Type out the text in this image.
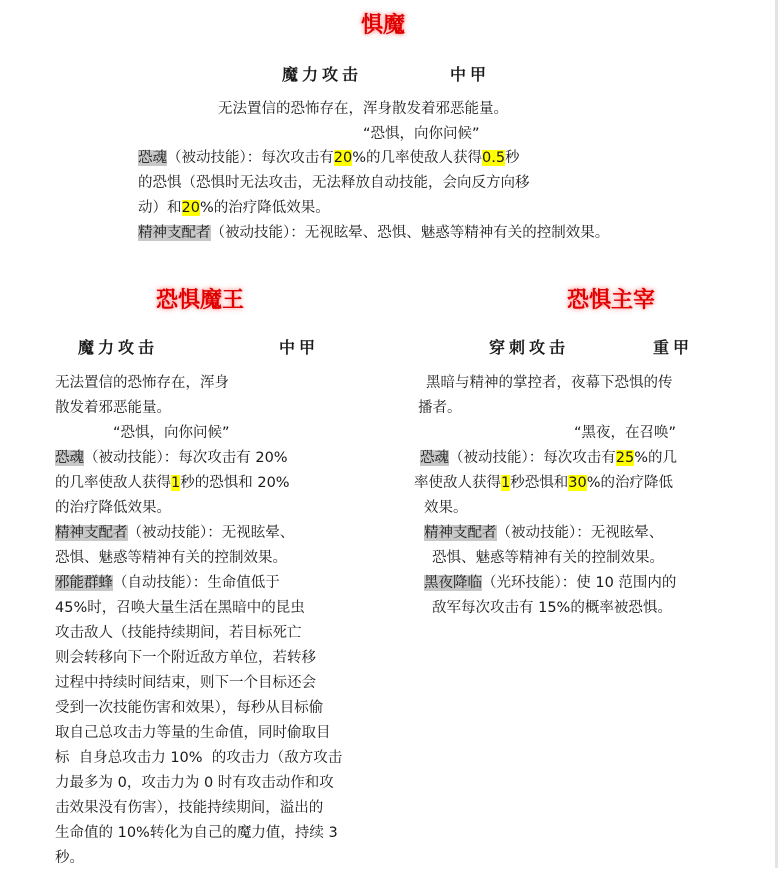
惧魔
魔力攻击	中甲
无法置信的恐怖存在，浑身散发着邪恶能量。
“恐惧，向你问候”
恐魂（被动技能）：每次攻击有20%的几率使敌人获得0.5秒
的恐惧（恐惧时无法攻击，无法释放自动技能，会向反方向移
动）和20%的治疗降低效果。
精神支配者（被动技能）：无视眩晕、恐惧、魅惑等精神有关的控制效果。
恐惧魔王
魔力攻击	中甲
无法置信的恐怖存在，浑身
散发着邪恶能量。
“恐惧，向你问候”
恐魂（被动技能）：每次攻击有 20%
的几率使敌人获得1秒的恐惧和 20%
的治疗降低效果。
精神支配者（被动技能）：无视眩晕、
恐惧、魅惑等精神有关的控制效果。
邪能群蜂（自动技能）：生命值低于
45%时，召唤大量生活在黑暗中的昆虫
攻击敌人（技能持续期间，若目标死亡
则会转移向下一个附近敌方单位，若转移
过程中持续时间结束，则下一个目标还会
受到一次技能伤害和效果），每秒从目标偷
取自己总攻击力等量的生命值，同时偷取目
标  自身总攻击力 10%  的攻击力（敌方攻击
力最多为 0，攻击力为 0 时有攻击动作和攻
击效果没有伤害），技能持续期间，溢出的
生命值的 10%转化为自己的魔力值，持续 3
秒。
恐惧主宰
穿刺攻击	重甲
黑暗与精神的掌控者，夜幕下恐惧的传
播者。
“黑夜，在召唤”
恐魂（被动技能）：每次攻击有25%的几
率使敌人获得1秒恐惧和30%的治疗降低
效果。
精神支配者（被动技能）：无视眩晕、
恐惧、魅惑等精神有关的控制效果。
黑夜降临（光环技能）：使 10 范围内的
敌军每次攻击有 15%的概率被恐惧。
